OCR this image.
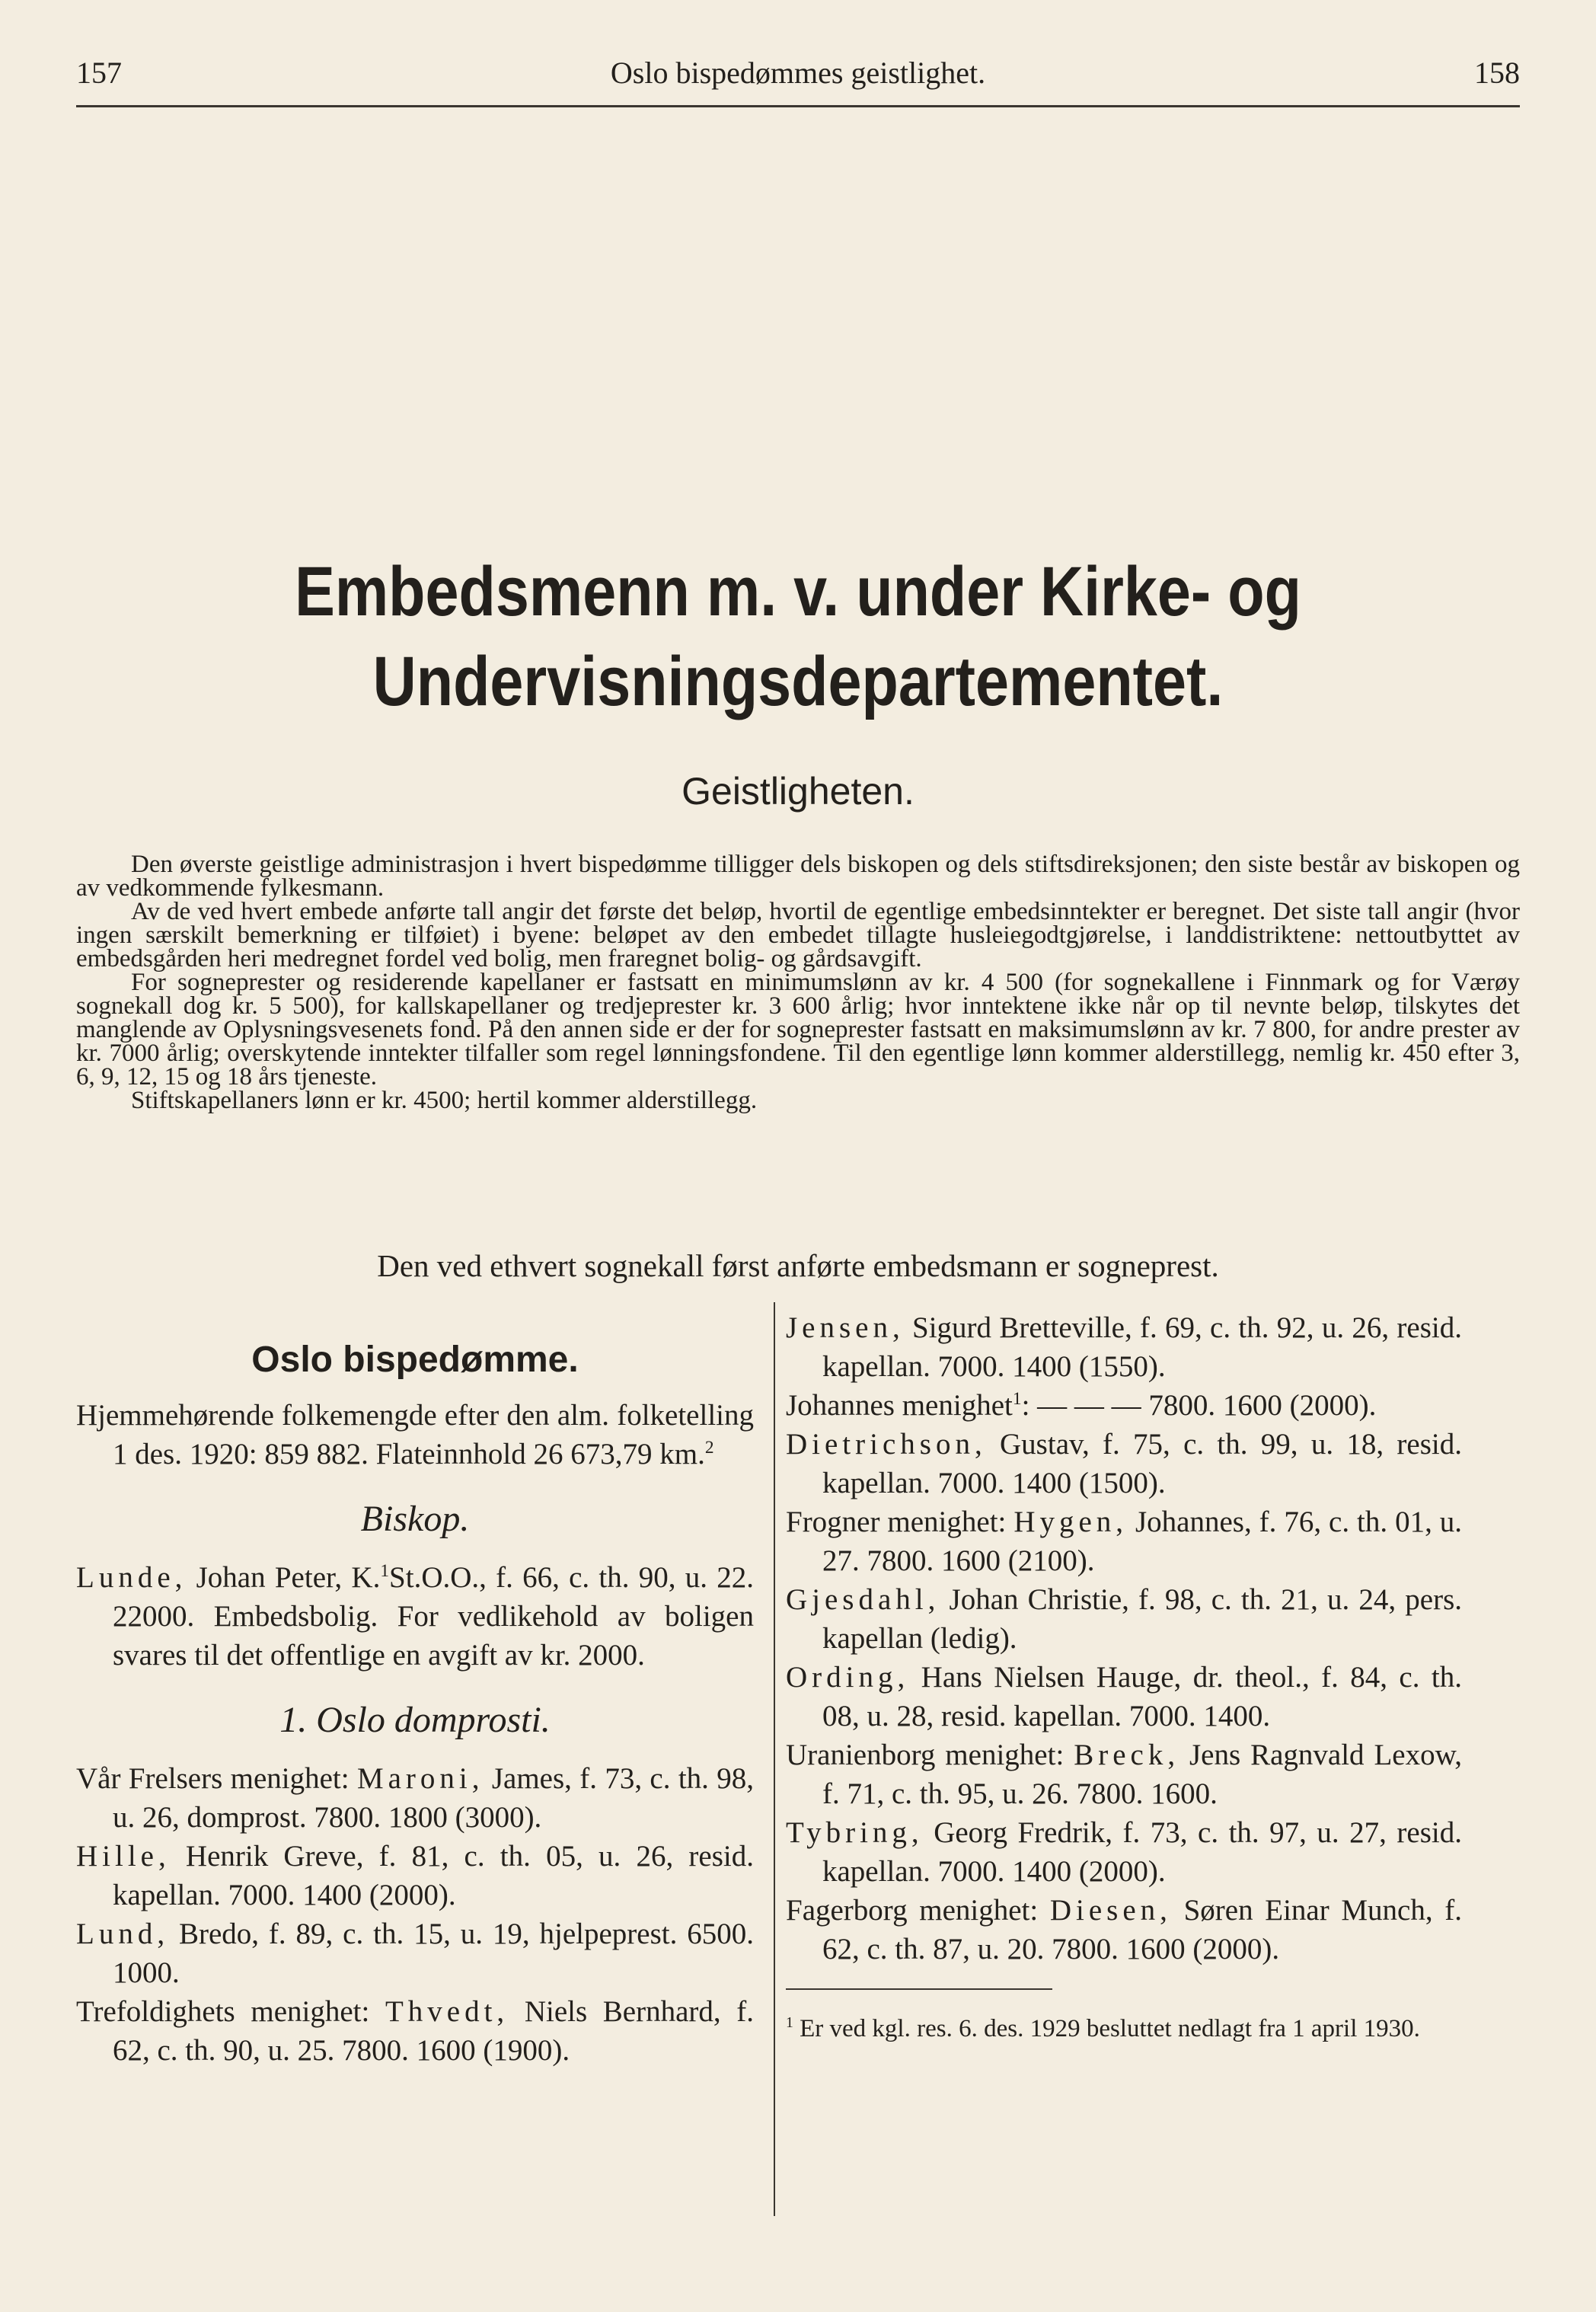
157	Oslo bispedømmes geistlighet.	158
Embedsmenn m. v. under Kirke- og
Undervisningsdepartementet.
Geistligheten.

Den øverste geistlige administrasjon i hvert bispedømme tilligger dels biskopen og dels stiftsdireksjonen; den siste består av biskopen og av vedkommende fylkesmann.

Av de ved hvert embede anførte tall angir det første det beløp, hvortil de egentlige embedsinntekter er beregnet. Det siste tall angir (hvor ingen særskilt bemerkning er tilføiet) i byene: beløpet av den embedet tillagte husleiegodtgjørelse, i landdistriktene: nettoutbyttet av embedsgården heri medregnet fordel ved bolig, men fraregnet bolig- og gårdsavgift.

For sogneprester og residerende kapellaner er fastsatt en minimumslønn av kr. 4 500 (for sognekallene i Finnmark og for Værøy sognekall dog kr. 5 500), for kallskapellaner og tredjeprester kr. 3 600 årlig; hvor inntektene ikke når op til nevnte beløp, tilskytes det manglende av Oplysningsvesenets fond. På den annen side er der for sogneprester fastsatt en maksimumslønn av kr. 7 800, for andre prester av kr. 7000 årlig; overskytende inntekter tilfaller som regel lønningsfondene. Til den egentlige lønn kommer alderstillegg, nemlig kr. 450 efter 3, 6, 9, 12, 15 og 18 års tjeneste.

Stiftskapellaners lønn er kr. 4500; hertil kommer alderstillegg.

Den ved ethvert sognekall først anførte embedsmann er sogneprest.
Oslo bispedømme.

Hjemmehørende folkemengde efter den alm. folketelling 1 des. 1920: 859 882. Flateinnhold 26 673,79 km.$^2$

Biskop.

Lunde, Johan Peter, K.$^1$St.O.O., f. 66, c. th. 90, u. 22. 22000. Embedsbolig. For vedlikehold av boligen svares til det offentlige en avgift av kr. 2000.

1. Oslo domprosti.

Vår Frelsers menighet: Maroni, James, f. 73, c. th. 98, u. 26, domprost. 7800. 1800 (3000).

Hille, Henrik Greve, f. 81, c. th. 05, u. 26, resid. kapellan. 7000. 1400 (2000).

Lund, Bredo, f. 89, c. th. 15, u. 19, hjelpeprest. 6500. 1000.

Trefoldighets menighet: Thvedt, Niels Bernhard, f. 62, c. th. 90, u. 25. 7800. 1600 (1900).

Jensen, Sigurd Bretteville, f. 69, c. th. 92, u. 26, resid. kapellan. 7000. 1400 (1550).

Johannes menighet$^1$: — — — 7800. 1600 (2000).

Dietrichson, Gustav, f. 75, c. th. 99, u. 18, resid. kapellan. 7000. 1400 (1500).

Frogner menighet: Hygen, Johannes, f. 76, c. th. 01, u. 27. 7800. 1600 (2100).

Gjesdahl, Johan Christie, f. 98, c. th. 21, u. 24, pers. kapellan (ledig).

Ording, Hans Nielsen Hauge, dr. theol., f. 84, c. th. 08, u. 28, resid. kapellan. 7000. 1400.

Uranienborg menighet: Breck, Jens Ragnvald Lexow, f. 71, c. th. 95, u. 26. 7800. 1600.

Tybring, Georg Fredrik, f. 73, c. th. 97, u. 27, resid. kapellan. 7000. 1400 (2000).

Fagerborg menighet: Diesen, Søren Einar Munch, f. 62, c. th. 87, u. 20. 7800. 1600 (2000).

$^1$ Er ved kgl. res. 6. des. 1929 besluttet nedlagt fra 1 april 1930.
